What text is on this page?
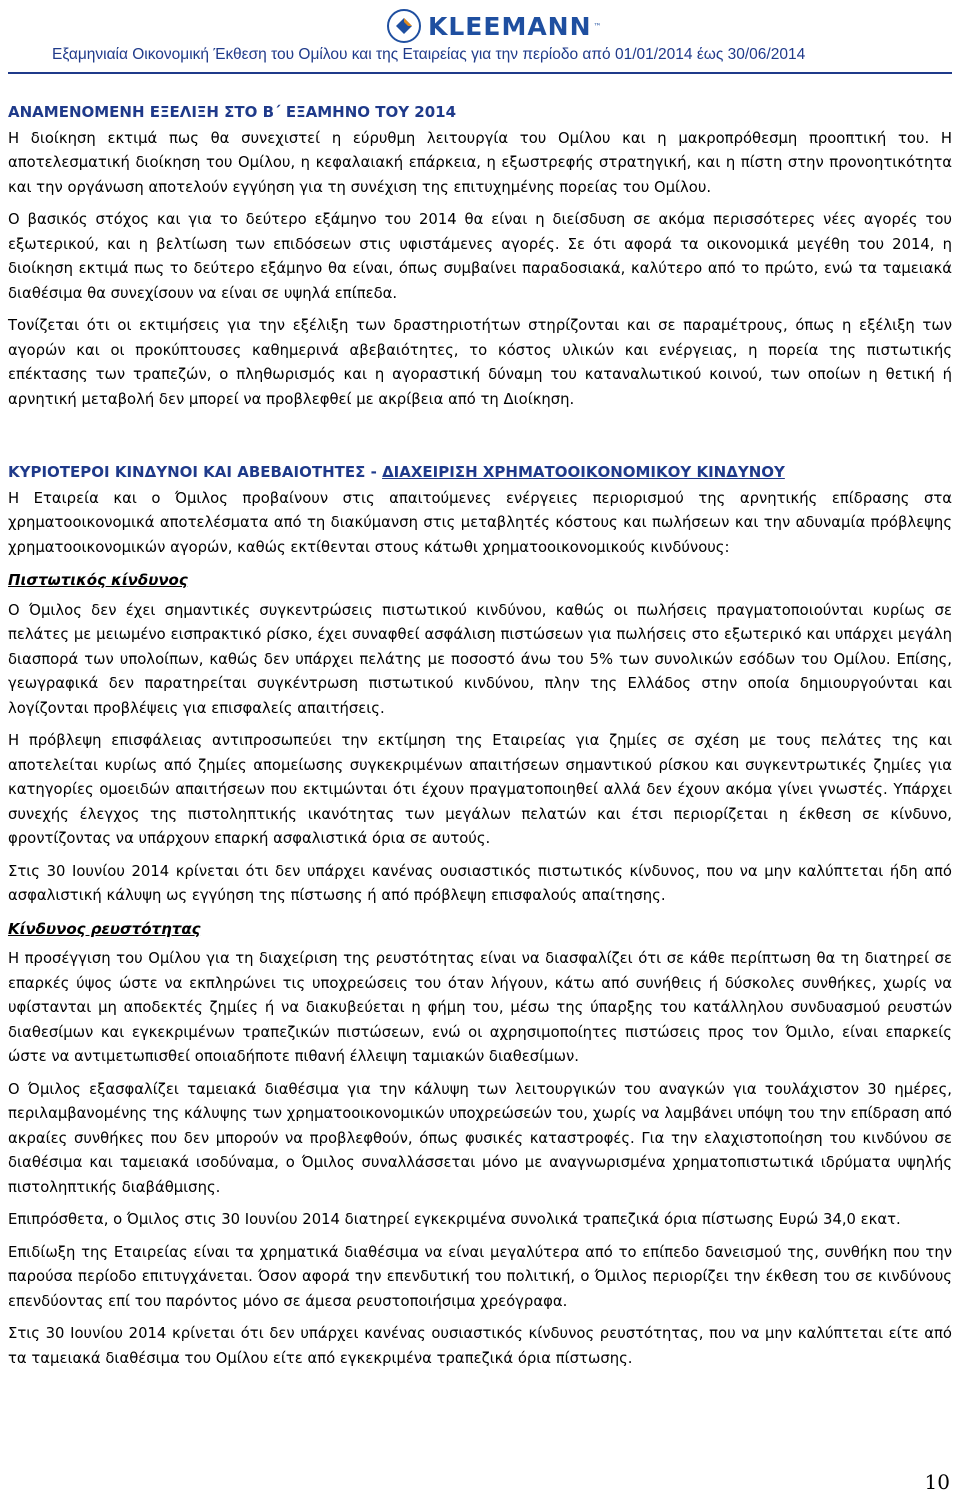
KLEEMANN ™
Εξαμηνιαία Οικονομική Έκθεση του Ομίλου και της Εταιρείας για την περίοδο από 01/01/2014 έως 30/06/2014
ΑΝΑΜΕΝΟΜΕΝΗ ΕΞΕΛΙΞΗ ΣΤΟ Β΄ ΕΞΑΜΗΝΟ ΤΟΥ 2014

Η διοίκηση εκτιμά πως θα συνεχιστεί η εύρυθμη λειτουργία του Ομίλου και η μακροπρόθεσμη προοπτική του. Η αποτελεσματική διοίκηση του Ομίλου, η κεφαλαιακή επάρκεια, η εξωστρεφής στρατηγική, και η πίστη στην προνοητικότητα και την οργάνωση αποτελούν εγγύηση για τη συνέχιση της επιτυχημένης πορείας του Ομίλου.

Ο βασικός στόχος και για το δεύτερο εξάμηνο του 2014 θα είναι η διείσδυση σε ακόμα περισσότερες νέες αγορές του εξωτερικού, και η βελτίωση των επιδόσεων στις υφιστάμενες αγορές. Σε ότι αφορά τα οικονομικά μεγέθη του 2014, η διοίκηση εκτιμά πως το δεύτερο εξάμηνο θα είναι, όπως συμβαίνει παραδοσιακά, καλύτερο από το πρώτο, ενώ τα ταμειακά διαθέσιμα θα συνεχίσουν να είναι σε υψηλά επίπεδα.

Τονίζεται ότι οι εκτιμήσεις για την εξέλιξη των δραστηριοτήτων στηρίζονται και σε παραμέτρους, όπως η εξέλιξη των αγορών και οι προκύπτουσες καθημερινά αβεβαιότητες, το κόστος υλικών και ενέργειας, η πορεία της πιστωτικής επέκτασης των τραπεζών, ο πληθωρισμός και η αγοραστική δύναμη του καταναλωτικού κοινού, των οποίων η θετική ή αρνητική μεταβολή δεν μπορεί να προβλεφθεί με ακρίβεια από τη Διοίκηση.

ΚΥΡΙΟΤΕΡΟΙ ΚΙΝΔΥΝΟΙ ΚΑΙ ΑΒΕΒΑΙΟΤΗΤΕΣ - ΔΙΑΧΕΙΡΙΣΗ ΧΡΗΜΑΤΟΟΙΚΟΝΟΜΙΚΟΥ ΚΙΝΔΥΝΟΥ

Η Εταιρεία και ο Όμιλος προβαίνουν στις απαιτούμενες ενέργειες περιορισμού της αρνητικής επίδρασης στα χρηματοοικονομικά αποτελέσματα από τη διακύμανση στις μεταβλητές κόστους και πωλήσεων και την αδυναμία πρόβλεψης χρηματοοικονομικών αγορών, καθώς εκτίθενται στους κάτωθι χρηματοοικονομικούς κινδύνους:

Πιστωτικός κίνδυνος

Ο Όμιλος δεν έχει σημαντικές συγκεντρώσεις πιστωτικού κινδύνου, καθώς οι πωλήσεις πραγματοποιούνται κυρίως σε πελάτες με μειωμένο εισπρακτικό ρίσκο, έχει συναφθεί ασφάλιση πιστώσεων για πωλήσεις στο εξωτερικό και υπάρχει μεγάλη διασπορά των υπολοίπων, καθώς δεν υπάρχει πελάτης με ποσοστό άνω του 5% των συνολικών εσόδων του Ομίλου. Επίσης, γεωγραφικά δεν παρατηρείται συγκέντρωση πιστωτικού κινδύνου, πλην της Ελλάδος στην οποία δημιουργούνται και λογίζονται προβλέψεις για επισφαλείς απαιτήσεις.

Η πρόβλεψη επισφάλειας αντιπροσωπεύει την εκτίμηση της Εταιρείας για ζημίες σε σχέση με τους πελάτες της και αποτελείται κυρίως από ζημίες απομείωσης συγκεκριμένων απαιτήσεων σημαντικού ρίσκου και συγκεντρωτικές ζημίες για κατηγορίες ομοειδών απαιτήσεων που εκτιμώνται ότι έχουν πραγματοποιηθεί αλλά δεν έχουν ακόμα γίνει γνωστές. Υπάρχει συνεχής έλεγχος της πιστοληπτικής ικανότητας των μεγάλων πελατών και έτσι περιορίζεται η έκθεση σε κίνδυνο, φροντίζοντας να υπάρχουν επαρκή ασφαλιστικά όρια σε αυτούς.

Στις 30 Ιουνίου 2014 κρίνεται ότι δεν υπάρχει κανένας ουσιαστικός πιστωτικός κίνδυνος, που να μην καλύπτεται ήδη από ασφαλιστική κάλυψη ως εγγύηση της πίστωσης ή από πρόβλεψη επισφαλούς απαίτησης.

Κίνδυνος ρευστότητας

Η προσέγγιση του Ομίλου για τη διαχείριση της ρευστότητας είναι να διασφαλίζει ότι σε κάθε περίπτωση θα τη διατηρεί σε επαρκές ύψος ώστε να εκπληρώνει τις υποχρεώσεις του όταν λήγουν, κάτω από συνήθεις ή δύσκολες συνθήκες, χωρίς να υφίστανται μη αποδεκτές ζημίες ή να διακυβεύεται η φήμη του, μέσω της ύπαρξης του κατάλληλου συνδυασμού ρευστών διαθεσίμων και εγκεκριμένων τραπεζικών πιστώσεων, ενώ οι αχρησιμοποίητες πιστώσεις προς τον Όμιλο, είναι επαρκείς ώστε να αντιμετωπισθεί οποιαδήποτε πιθανή έλλειψη ταμιακών διαθεσίμων.

Ο Όμιλος εξασφαλίζει ταμειακά διαθέσιμα για την κάλυψη των λειτουργικών του αναγκών για τουλάχιστον 30 ημέρες, περιλαμβανομένης της κάλυψης των χρηματοοικονομικών υποχρεώσεών του, χωρίς να λαμβάνει υπόψη του την επίδραση από ακραίες συνθήκες που δεν μπορούν να προβλεφθούν, όπως φυσικές καταστροφές. Για την ελαχιστοποίηση του κινδύνου σε διαθέσιμα και ταμειακά ισοδύναμα, ο Όμιλος συναλλάσσεται μόνο με αναγνωρισμένα χρηματοπιστωτικά ιδρύματα υψηλής πιστοληπτικής διαβάθμισης.

Επιπρόσθετα, ο Όμιλος στις 30 Ιουνίου 2014 διατηρεί εγκεκριμένα συνολικά τραπεζικά όρια πίστωσης Ευρώ 34,0 εκατ.

Επιδίωξη της Εταιρείας είναι τα χρηματικά διαθέσιμα να είναι μεγαλύτερα από το επίπεδο δανεισμού της, συνθήκη που την παρούσα περίοδο επιτυγχάνεται. Όσον αφορά την επενδυτική του πολιτική, ο Όμιλος περιορίζει την έκθεση του σε κινδύνους επενδύοντας επί του παρόντος μόνο σε άμεσα ρευστοποιήσιμα χρεόγραφα.

Στις 30 Ιουνίου 2014 κρίνεται ότι δεν υπάρχει κανένας ουσιαστικός κίνδυνος ρευστότητας, που να μην καλύπτεται είτε από τα ταμειακά διαθέσιμα του Ομίλου είτε από εγκεκριμένα τραπεζικά όρια πίστωσης.

10
